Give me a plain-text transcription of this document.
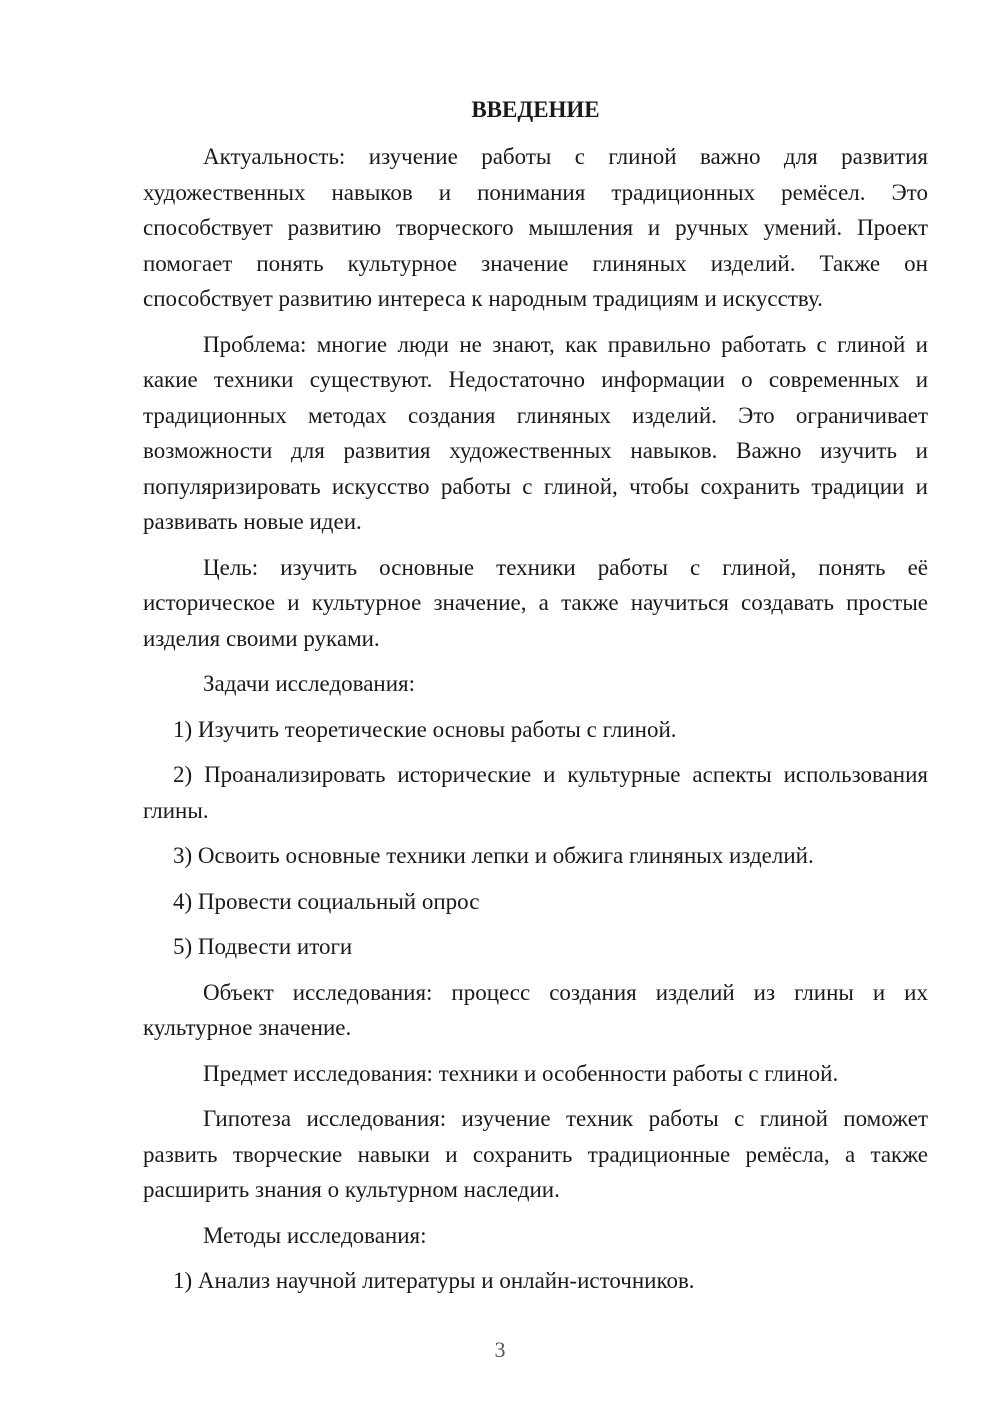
ВВЕДЕНИЕ

Актуальность: изучение работы с глиной важно для развития художественных навыков и понимания традиционных ремёсел. Это способствует развитию творческого мышления и ручных умений. Проект помогает понять культурное значение глиняных изделий. Также он способствует развитию интереса к народным традициям и искусству.

Проблема: многие люди не знают, как правильно работать с глиной и какие техники существуют. Недостаточно информации о современных и традиционных методах создания глиняных изделий. Это ограничивает возможности для развития художественных навыков. Важно изучить и популяризировать искусство работы с глиной, чтобы сохранить традиции и развивать новые идеи.

Цель: изучить основные техники работы с глиной, понять её историческое и культурное значение, а также научиться создавать простые изделия своими руками.

Задачи исследования:

1) Изучить теоретические основы работы с глиной.

2) Проанализировать исторические и культурные аспекты использования глины.

3) Освоить основные техники лепки и обжига глиняных изделий.

4) Провести социальный опрос

5) Подвести итоги

Объект исследования: процесс создания изделий из глины и их культурное значение.

Предмет исследования: техники и особенности работы с глиной.

Гипотеза исследования: изучение техник работы с глиной поможет развить творческие навыки и сохранить традиционные ремёсла, а также расширить знания о культурном наследии.

Методы исследования:

1) Анализ научной литературы и онлайн-источников.

3
